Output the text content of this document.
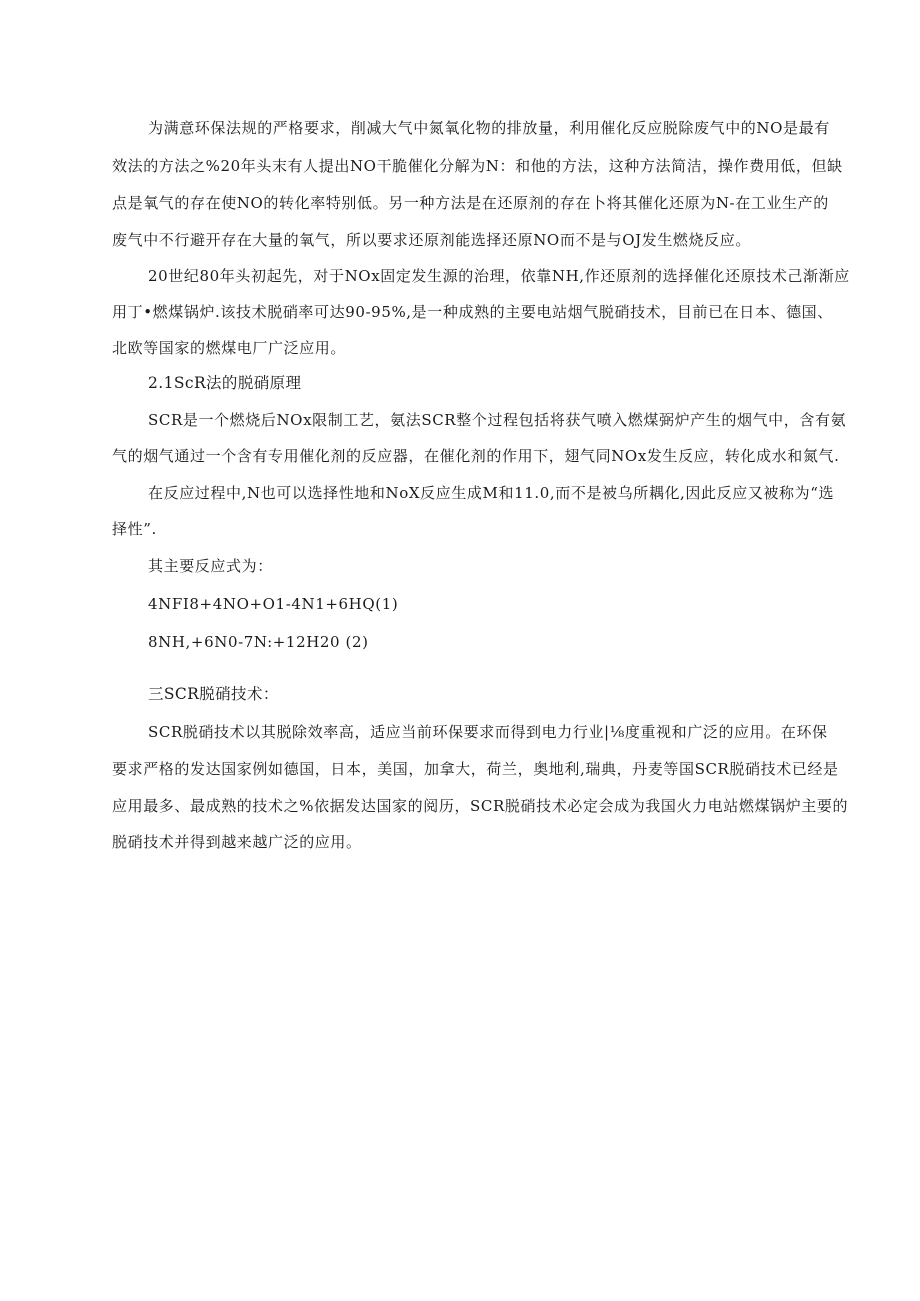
为满意环保法规的严格要求，削减大气中氮氧化物的排放量，利用催化反应脱除废气中的NO是最有
效法的方法之%20年头末有人提出NO干脆催化分解为N：和他的方法，这种方法简洁，操作费用低，但缺
点是氧气的存在使NO的转化率特别低。另一种方法是在还原剂的存在卜将其催化还原为N-在工业生产的
废气中不行避开存在大量的氧气，所以要求还原剂能选择还原NO而不是与OJ发生燃烧反应。
20世纪80年头初起先，对于NOx固定发生源的治理，依靠NH,作还原剂的选择催化还原技术己渐渐应
用丁•燃煤锅炉.该技术脱硝率可达90-95%,是一种成熟的主要电站烟气脱硝技术，目前已在日本、德国、
北欧等国家的燃煤电厂广泛应用。
2.1ScR法的脱硝原理
SCR是一个燃烧后NOx限制工艺，氨法SCR整个过程包括将获气喷入燃煤弼炉产生的烟气中，含有氨
气的烟气通过一个含有专用催化剂的反应器，在催化剂的作用下，翅气同NOx发生反应，转化成水和氮气.
在反应过程中,N也可以选择性地和NoX反应生成M和11.0,而不是被乌所耦化,因此反应又被称为“选
择性”.
其主要反应式为：
4NFI8+4NO+O1-4N1+6HQ(1)
8NH,+6N0-7N:+12H20 (2)
三SCR脱硝技术：
SCR脱硝技术以其脱除效率高，适应当前环保要求而得到电力行业|⅛度重视和广泛的应用。在环保
要求严格的发达国家例如德国，日本，美国，加拿大，荷兰，奥地利,瑞典，丹麦等国SCR脱硝技术已经是
应用最多、最成熟的技术之%依据发达国家的阅历，SCR脱硝技术必定会成为我国火力电站燃煤锅炉主要的
脱硝技术并得到越来越广泛的应用。
